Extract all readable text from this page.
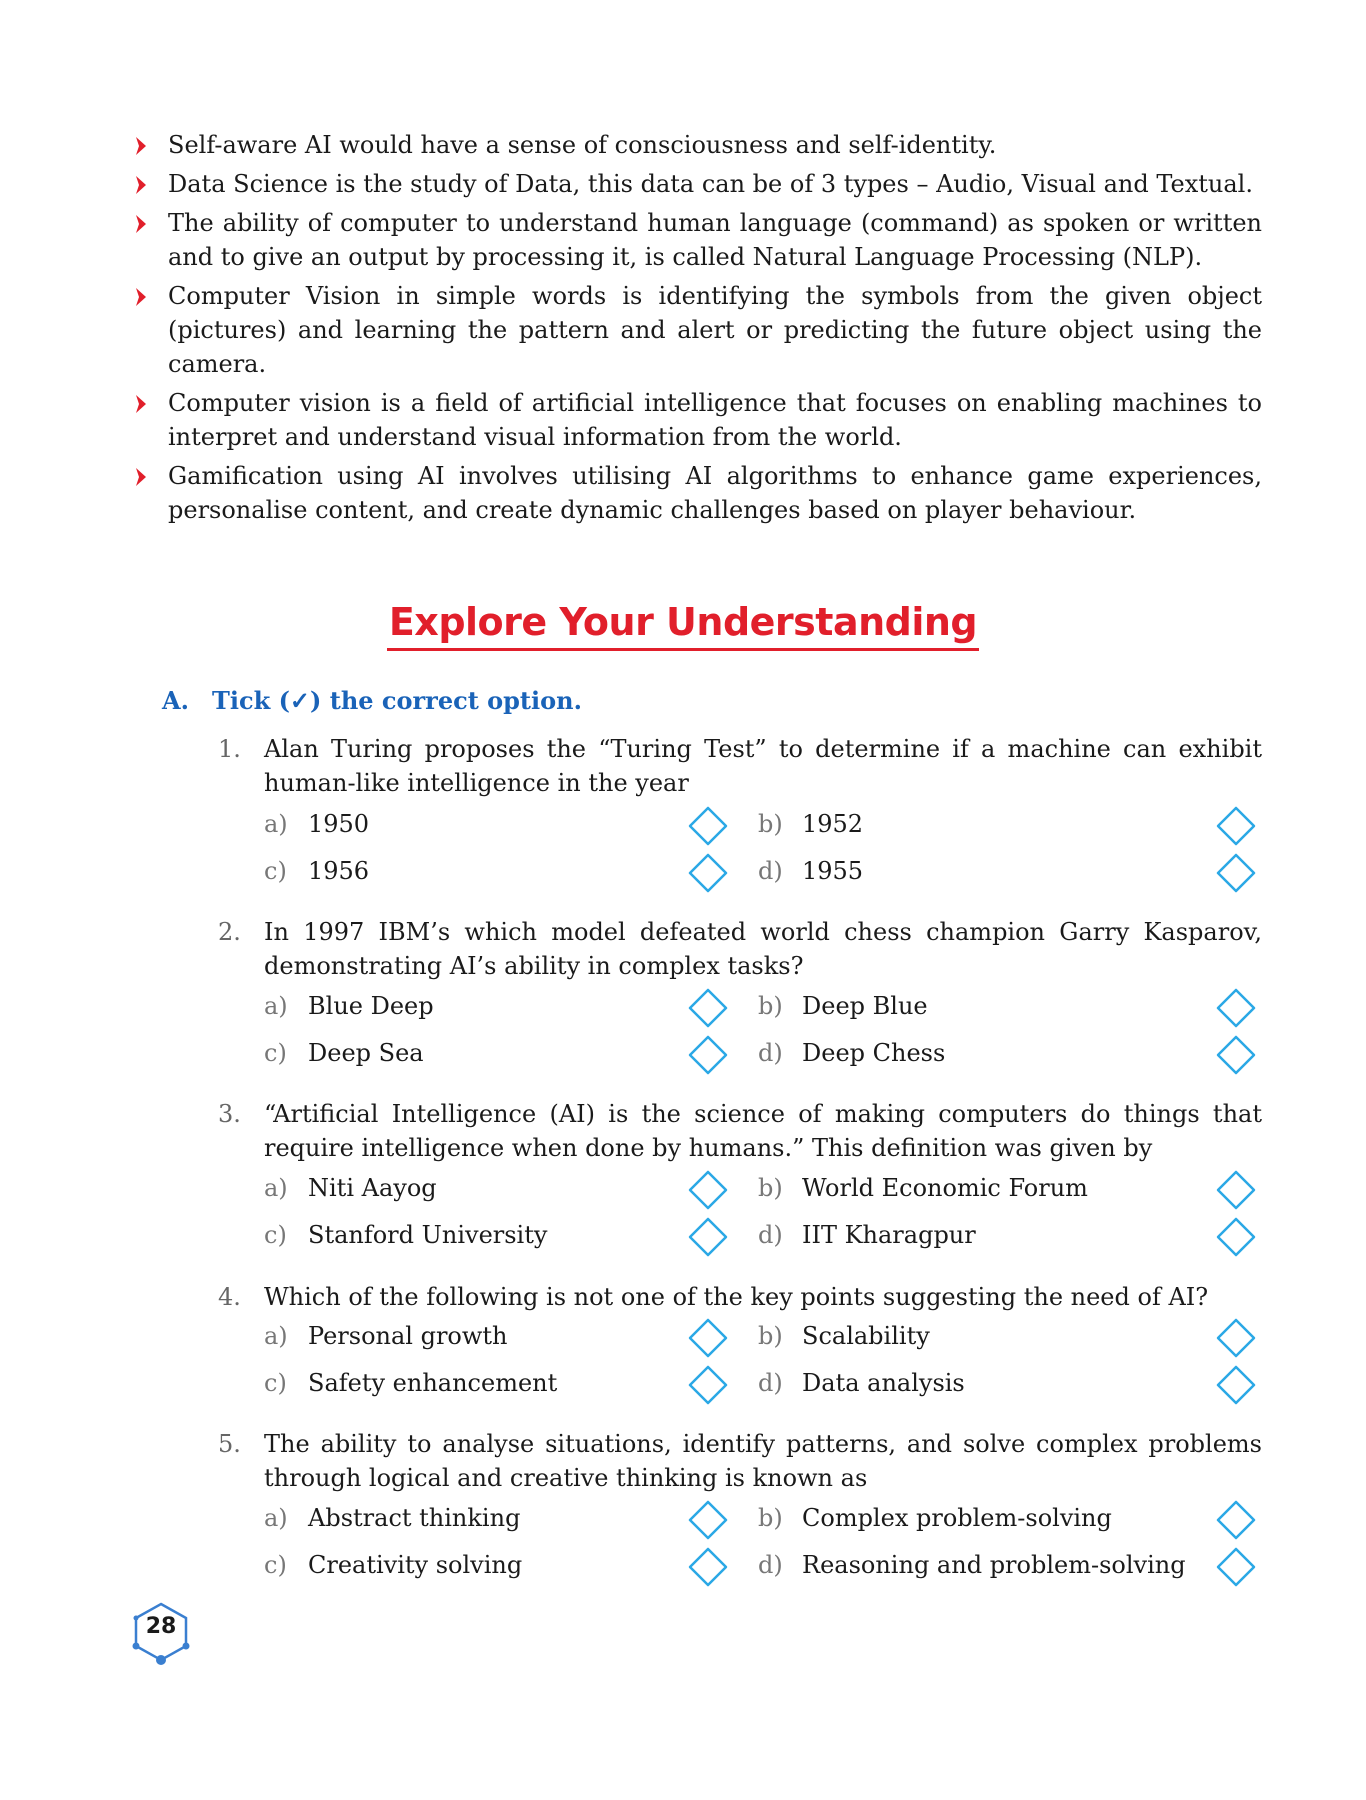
Self-aware AI would have a sense of consciousness and self-identity.
Data Science is the study of Data, this data can be of 3 types – Audio, Visual and Textual.
The ability of computer to understand human language (command) as spoken or written and to give an output by processing it, is called Natural Language Processing (NLP).
Computer Vision in simple words is identifying the symbols from the given object (pictures) and learning the pattern and alert or predicting the future object using the camera.
Computer vision is a field of artificial intelligence that focuses on enabling machines to interpret and understand visual information from the world.
Gamification using AI involves utilising AI algorithms to enhance game experiences, personalise content, and create dynamic challenges based on player behaviour.
Explore Your Understanding
A. Tick (✓) the correct option.
1. Alan Turing proposes the “Turing Test” to determine if a machine can exhibit human-like intelligence in the year
a) 1950	b) 1952
c) 1956	d) 1955
2. In 1997 IBM’s which model defeated world chess champion Garry Kasparov, demonstrating AI’s ability in complex tasks?
a) Blue Deep	b) Deep Blue
c) Deep Sea	d) Deep Chess
3. “Artificial Intelligence (AI) is the science of making computers do things that require intelligence when done by humans.” This definition was given by
a) Niti Aayog	b) World Economic Forum
c) Stanford University	d) IIT Kharagpur
4. Which of the following is not one of the key points suggesting the need of AI?
a) Personal growth	b) Scalability
c) Safety enhancement	d) Data analysis
5. The ability to analyse situations, identify patterns, and solve complex problems through logical and creative thinking is known as
a) Abstract thinking	b) Complex problem-solving
c) Creativity solving	d) Reasoning and problem-solving
28
